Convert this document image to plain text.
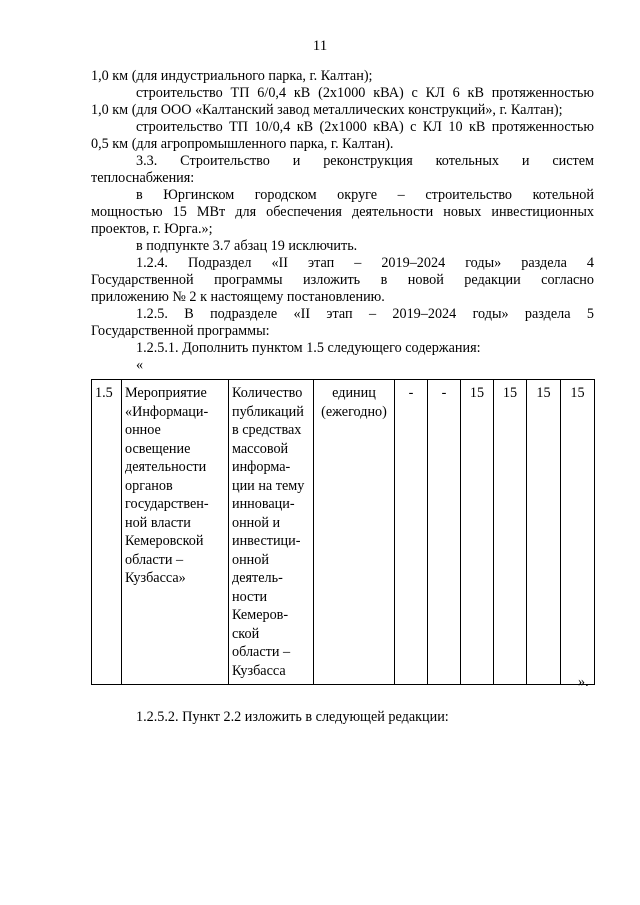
11
1,0 км (для индустриального парка, г. Калтан);
строительство ТП 6/0,4 кВ (2х1000 кВА) с КЛ 6 кВ протяженностью
1,0 км (для ООО «Калтанский завод металлических конструкций», г. Калтан);
строительство ТП 10/0,4 кВ (2х1000 кВА) с КЛ 10 кВ протяженностью
0,5 км (для агропромышленного парка, г. Калтан).
3.3. Строительство и реконструкция котельных и систем
теплоснабжения:
в Юргинском городском округе – строительство котельной
мощностью 15 МВт для обеспечения деятельности новых инвестиционных
проектов, г. Юрга.»;
в подпункте 3.7 абзац 19 исключить.
1.2.4. Подраздел «II этап – 2019–2024 годы» раздела 4
Государственной программы изложить в новой редакции согласно
приложению № 2 к настоящему постановлению.
1.2.5. В подразделе «II этап – 2019–2024 годы» раздела 5
Государственной программы:
1.2.5.1. Дополнить пунктом 1.5 следующего содержания:
«
1.5	Мероприятие
«Информаци-
онное
освещение
деятельности
органов
государствен-
ной власти
Кемеровской
области –
Кузбасса»

Количество
публикаций
в средствах
массовой
информа-
ции на тему
инноваци-
онной и
инвестици-
онной
деятель-
ности
Кемеров-
ской
области –
Кузбасса

единиц
(ежегодно)
	-	-	15	15	15	15
».
1.2.5.2. Пункт 2.2 изложить в следующей редакции:
